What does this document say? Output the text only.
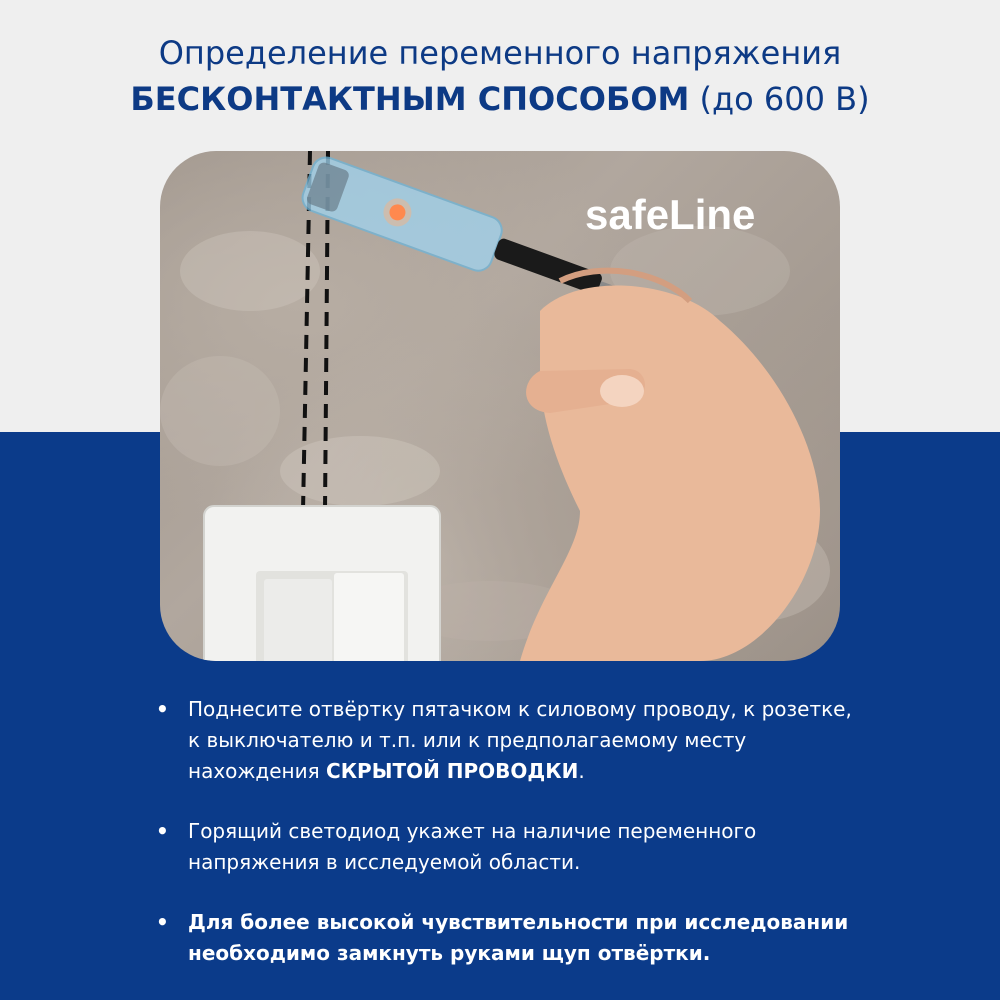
Определение переменного напряжения
БЕСКОНТАКТНЫМ СПОСОБОМ (до 600 В)
safeLine
• Поднесите отвёртку пятачком к силовому проводу, к розетке, к выключателю и т.п. или к предполагаемому месту нахождения СКРЫТОЙ ПРОВОДКИ.
• Горящий светодиод укажет на наличие переменного напряжения в исследуемой области.
• Для более высокой чувствительности при исследовании необходимо замкнуть руками щуп отвёртки.
